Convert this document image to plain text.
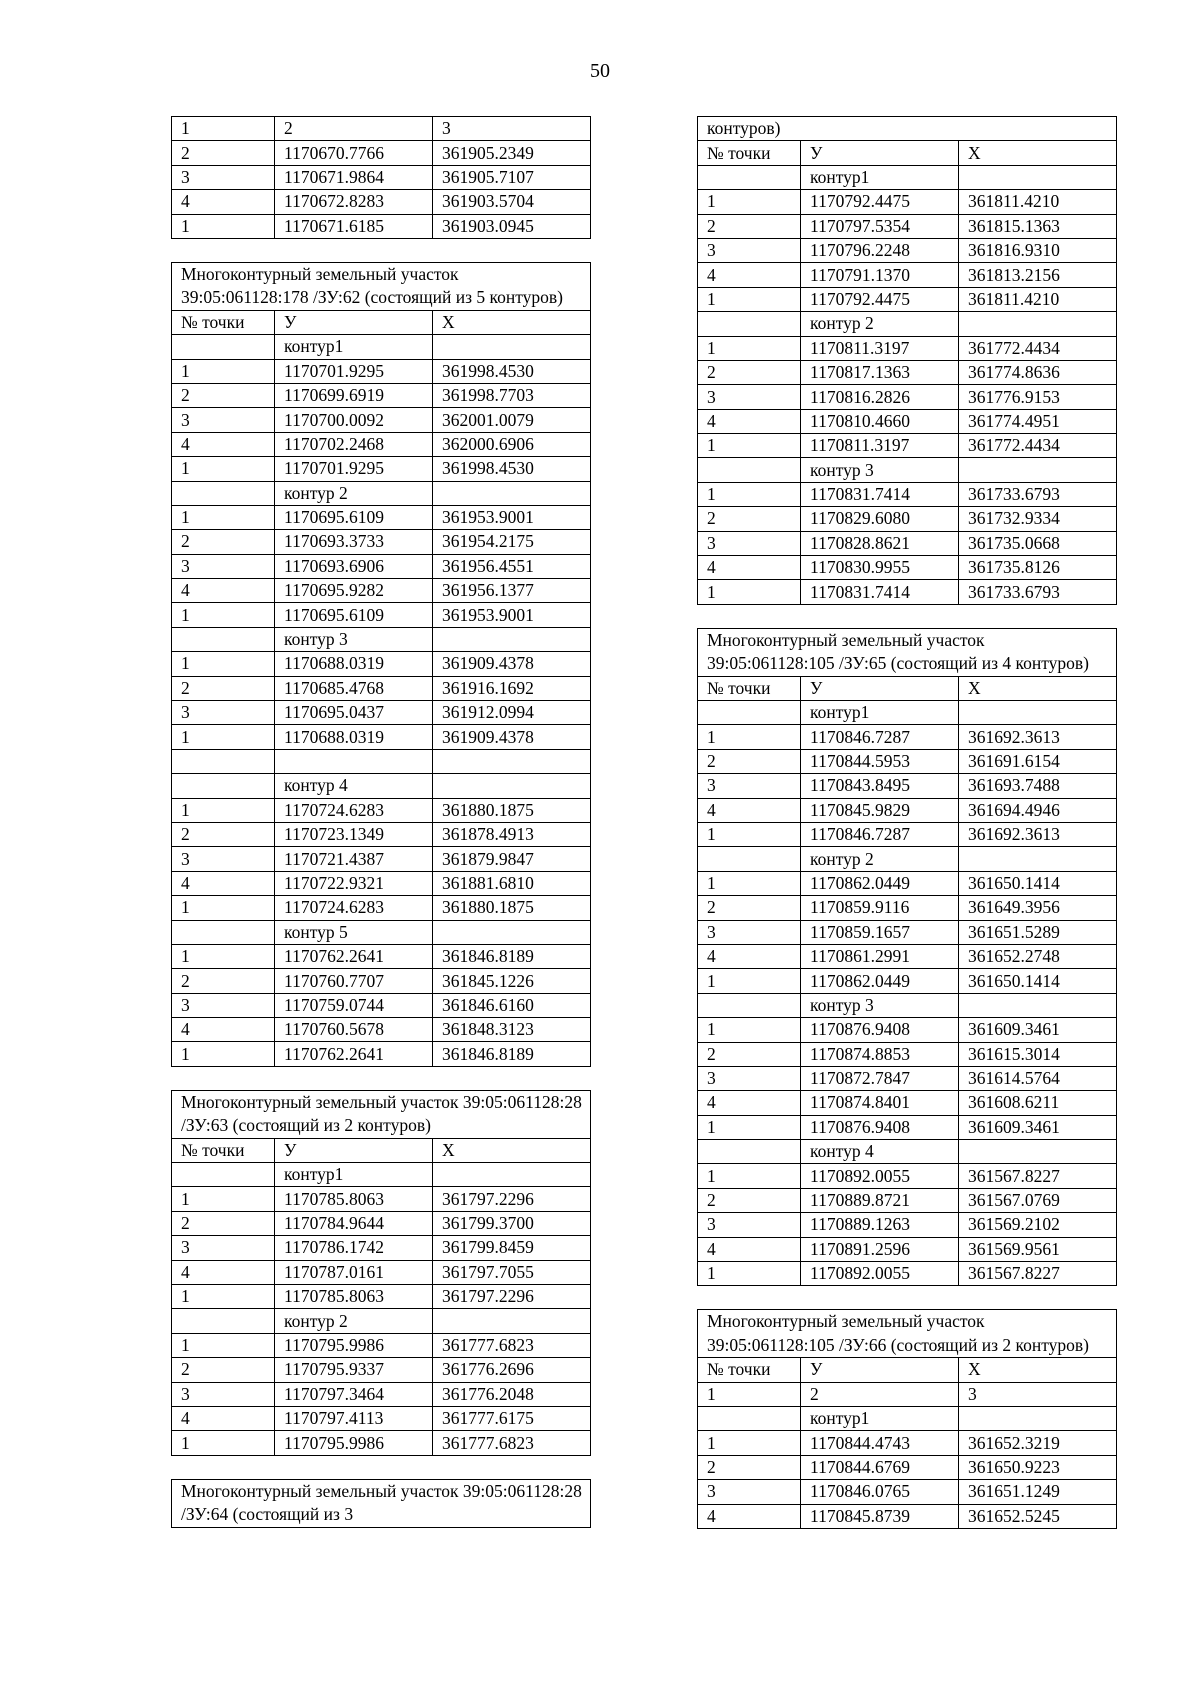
50
1	2	3
2	1170670.7766	361905.2349
3	1170671.9864	361905.7107
4	1170672.8283	361903.5704
1	1170671.6185	361903.0945
Многоконтурный земельный участок 39:05:061128:178 /ЗУ:62 (состоящий из 5 контуров)		
№ точки	У	Х
	контур1	
1	1170701.9295	361998.4530
2	1170699.6919	361998.7703
3	1170700.0092	362001.0079
4	1170702.2468	362000.6906
1	1170701.9295	361998.4530
	контур 2	
1	1170695.6109	361953.9001
2	1170693.3733	361954.2175
3	1170693.6906	361956.4551
4	1170695.9282	361956.1377
1	1170695.6109	361953.9001
	контур 3	
1	1170688.0319	361909.4378
2	1170685.4768	361916.1692
3	1170695.0437	361912.0994
1	1170688.0319	361909.4378

	контур 4	
1	1170724.6283	361880.1875
2	1170723.1349	361878.4913
3	1170721.4387	361879.9847
4	1170722.9321	361881.6810
1	1170724.6283	361880.1875
	контур 5	
1	1170762.2641	361846.8189
2	1170760.7707	361845.1226
3	1170759.0744	361846.6160
4	1170760.5678	361848.3123
1	1170762.2641	361846.8189
Многоконтурный земельный участок 39:05:061128:28 /ЗУ:63 (состоящий из 2 контуров)		
№ точки	У	Х
	контур1	
1	1170785.8063	361797.2296
2	1170784.9644	361799.3700
3	1170786.1742	361799.8459
4	1170787.0161	361797.7055
1	1170785.8063	361797.2296
	контур 2	
1	1170795.9986	361777.6823
2	1170795.9337	361776.2696
3	1170797.3464	361776.2048
4	1170797.4113	361777.6175
1	1170795.9986	361777.6823
Многоконтурный земельный участок 39:05:061128:28 /ЗУ:64 (состоящий из 3
контуров)		
№ точки	У	Х
	контур1	
1	1170792.4475	361811.4210
2	1170797.5354	361815.1363
3	1170796.2248	361816.9310
4	1170791.1370	361813.2156
1	1170792.4475	361811.4210
	контур 2	
1	1170811.3197	361772.4434
2	1170817.1363	361774.8636
3	1170816.2826	361776.9153
4	1170810.4660	361774.4951
1	1170811.3197	361772.4434
	контур 3	
1	1170831.7414	361733.6793
2	1170829.6080	361732.9334
3	1170828.8621	361735.0668
4	1170830.9955	361735.8126
1	1170831.7414	361733.6793
Многоконтурный земельный участок 39:05:061128:105 /ЗУ:65 (состоящий из 4 контуров)		
№ точки	У	Х
	контур1	
1	1170846.7287	361692.3613
2	1170844.5953	361691.6154
3	1170843.8495	361693.7488
4	1170845.9829	361694.4946
1	1170846.7287	361692.3613
	контур 2	
1	1170862.0449	361650.1414
2	1170859.9116	361649.3956
3	1170859.1657	361651.5289
4	1170861.2991	361652.2748
1	1170862.0449	361650.1414
	контур 3	
1	1170876.9408	361609.3461
2	1170874.8853	361615.3014
3	1170872.7847	361614.5764
4	1170874.8401	361608.6211
1	1170876.9408	361609.3461
	контур 4	
1	1170892.0055	361567.8227
2	1170889.8721	361567.0769
3	1170889.1263	361569.2102
4	1170891.2596	361569.9561
1	1170892.0055	361567.8227
Многоконтурный земельный участок 39:05:061128:105 /ЗУ:66 (состоящий из 2 контуров)		
№ точки	У	Х
1	2	3
	контур1	
1	1170844.4743	361652.3219
2	1170844.6769	361650.9223
3	1170846.0765	361651.1249
4	1170845.8739	361652.5245
